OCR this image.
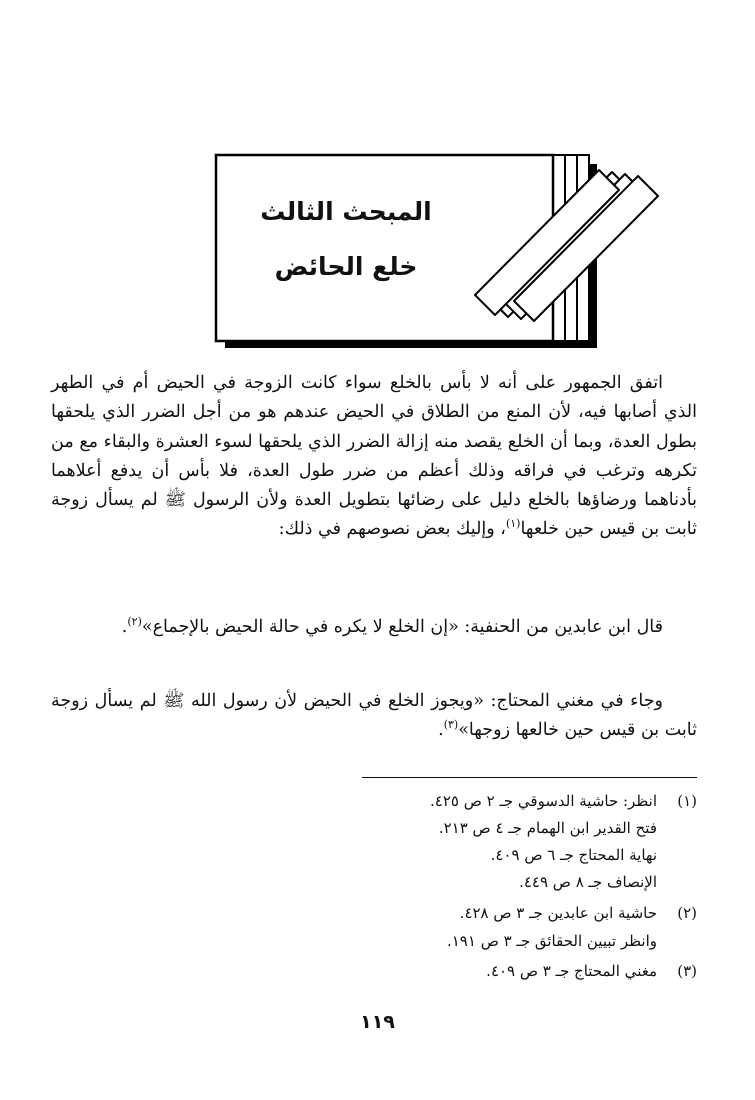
المبحث الثالث
خلع الحائض

اتفق الجمهور على أنه لا بأس بالخلع سواء كانت الزوجة في الحيض أم في الطهر الذي أصابها فيه، لأن المنع من الطلاق في الحيض عندهم هو من أجل الضرر الذي يلحقها بطول العدة، وبما أن الخلع يقصد منه إزالة الضرر الذي يلحقها لسوء العشرة والبقاء مع من تكرهه وترغب في فراقه وذلك أعظم من ضرر طول العدة، فلا بأس أن يدفع أعلاهما بأدناهما ورضاؤها بالخلع دليل على رضائها بتطويل العدة ولأن الرسول ﷺ لم يسأل زوجة ثابت بن قيس حين خلعها$^{(١)}$، وإليك بعض نصوصهم في ذلك:

قال ابن عابدين من الحنفية: «إن الخلع لا يكره في حالة الحيض بالإجماع»$^{(٢)}$.

وجاء في مغني المحتاج: «ويجوز الخلع في الحيض لأن رسول الله ﷺ لم يسأل زوجة ثابت بن قيس حين خالعها زوجها»$^{(٣)}$.

(١)انظر: حاشية الدسوقي جـ ٢ ص ٤٢٥.
فتح القدير ابن الهمام جـ ٤ ص ٢١٣.
نهاية المحتاج جـ ٦ ص ٤٠٩.
الإنصاف جـ ٨ ص ٤٤٩.
(٢)حاشية ابن عابدين جـ ٣ ص ٤٢٨.
وانظر تبيين الحقائق جـ ٣ ص ١٩١.
(٣)مغني المحتاج جـ ٣ ص ٤٠٩.
١١٩
